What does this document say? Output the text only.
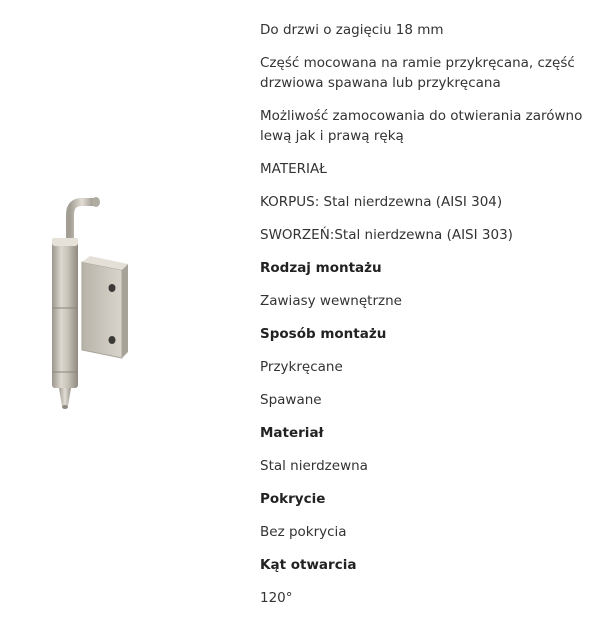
Do drzwi o zagięciu 18 mm
Część mocowana na ramie przykręcana, część
drzwiowa spawana lub przykręcana
Możliwość zamocowania do otwierania zarówno
lewą jak i prawą ręką
MATERIAŁ
KORPUS: Stal nierdzewna (AISI 304)
SWORZEŃ:Stal nierdzewna (AISI 303)
Rodzaj montażu
Zawiasy wewnętrzne
Sposób montażu
Przykręcane
Spawane
Materiał
Stal nierdzewna
Pokrycie
Bez pokrycia
Kąt otwarcia
120°
